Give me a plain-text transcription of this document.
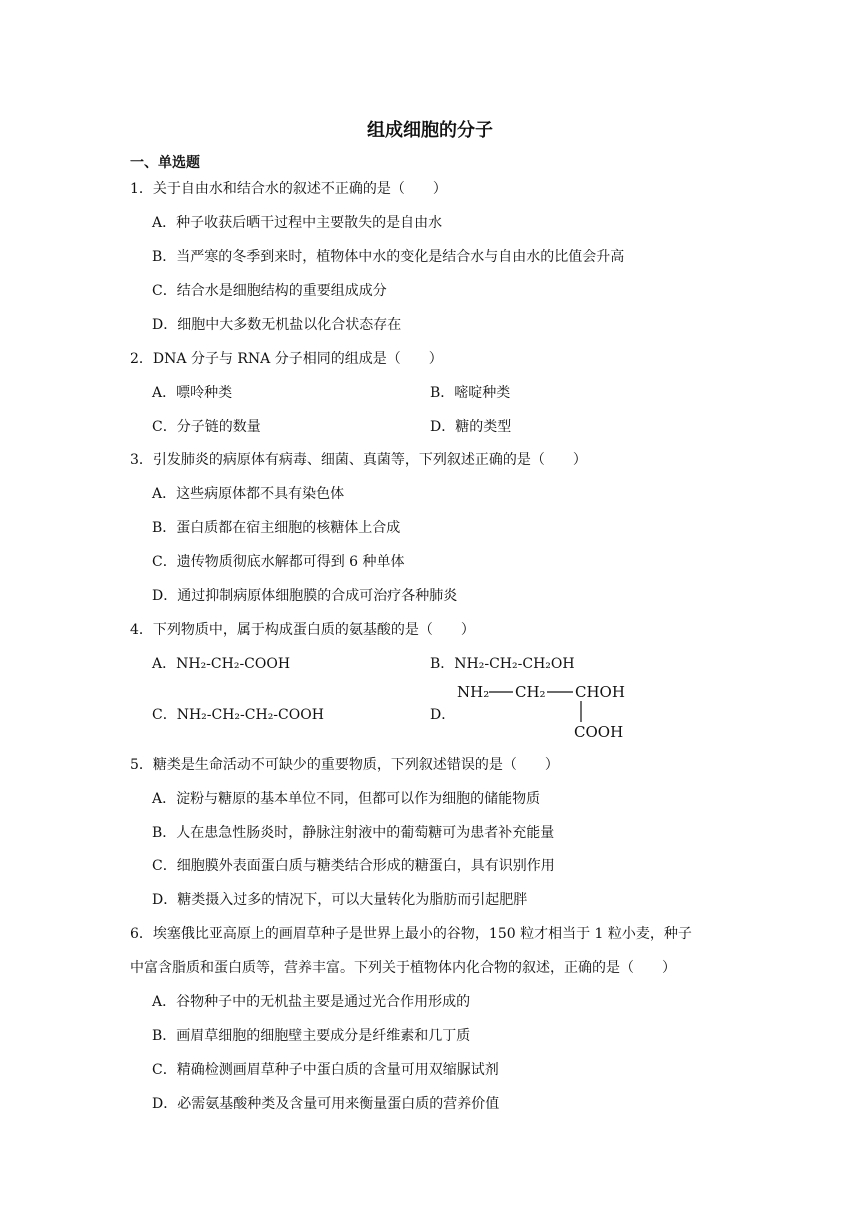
组成细胞的分子
一、单选题
1．关于自由水和结合水的叙述不正确的是（　　）
A．种子收获后晒干过程中主要散失的是自由水
B．当严寒的冬季到来时，植物体中水的变化是结合水与自由水的比值会升高
C．结合水是细胞结构的重要组成成分
D．细胞中大多数无机盐以化合状态存在
2．DNA 分子与 RNA 分子相同的组成是（　　）
A．嘌呤种类	B．嘧啶种类
C．分子链的数量	D．糖的类型
3．引发肺炎的病原体有病毒、细菌、真菌等，下列叙述正确的是（　　）
A．这些病原体都不具有染色体
B．蛋白质都在宿主细胞的核糖体上合成
C．遗传物质彻底水解都可得到 6 种单体
D．通过抑制病原体细胞膜的合成可治疗各种肺炎
4．下列物质中，属于构成蛋白质的氨基酸的是（　　）
A．NH₂-CH₂-COOH	B．NH₂-CH₂-CH₂OH
C．NH₂-CH₂-CH₂-COOH	D．
NH₂ CH₂ CHOH
COOH
5．糖类是生命活动不可缺少的重要物质，下列叙述错误的是（　　）
A．淀粉与糖原的基本单位不同，但都可以作为细胞的储能物质
B．人在患急性肠炎时，静脉注射液中的葡萄糖可为患者补充能量
C．细胞膜外表面蛋白质与糖类结合形成的糖蛋白，具有识别作用
D．糖类摄入过多的情况下，可以大量转化为脂肪而引起肥胖
6．埃塞俄比亚高原上的画眉草种子是世界上最小的谷物，150 粒才相当于 1 粒小麦，种子
中富含脂质和蛋白质等，营养丰富。下列关于植物体内化合物的叙述，正确的是（　　）
A．谷物种子中的无机盐主要是通过光合作用形成的
B．画眉草细胞的细胞壁主要成分是纤维素和几丁质
C．精确检测画眉草种子中蛋白质的含量可用双缩脲试剂
D．必需氨基酸种类及含量可用来衡量蛋白质的营养价值
